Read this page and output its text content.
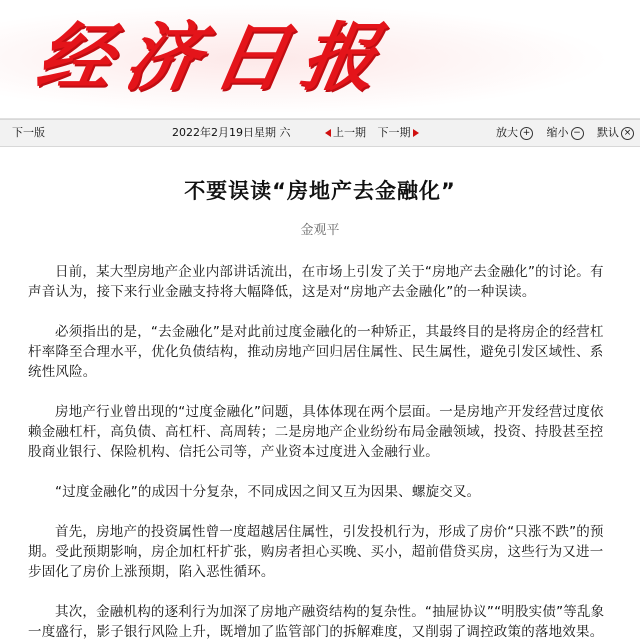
经济日报
下一版	2022年2月19日星期 六	上一期 下一期	放大 + 缩小 − 默认 ×
不要误读“房地产去金融化”
金观平

日前，某大型房地产企业内部讲话流出，在市场上引发了关于“房地产去金融化”的讨论。有声音认为，接下来行业金融支持将大幅降低，这是对“房地产去金融化”的一种误读。

必须指出的是，“去金融化”是对此前过度金融化的一种矫正，其最终目的是将房企的经营杠杆率降至合理水平，优化负债结构，推动房地产回归居住属性、民生属性，避免引发区域性、系统性风险。

房地产行业曾出现的“过度金融化”问题，具体体现在两个层面。一是房地产开发经营过度依赖金融杠杆，高负债、高杠杆、高周转；二是房地产企业纷纷布局金融领域，投资、持股甚至控股商业银行、保险机构、信托公司等，产业资本过度进入金融行业。

“过度金融化”的成因十分复杂，不同成因之间又互为因果、螺旋交叉。

首先，房地产的投资属性曾一度超越居住属性，引发投机行为，形成了房价“只涨不跌”的预期。受此预期影响，房企加杠杆扩张，购房者担心买晚、买小，超前借贷买房，这些行为又进一步固化了房价上涨预期，陷入恶性循环。

其次，金融机构的逐利行为加深了房地产融资结构的复杂性。“抽屉协议”“明股实债”等乱象一度盛行，影子银行风险上升，既增加了监管部门的拆解难度，又削弱了调控政策的落地效果。
